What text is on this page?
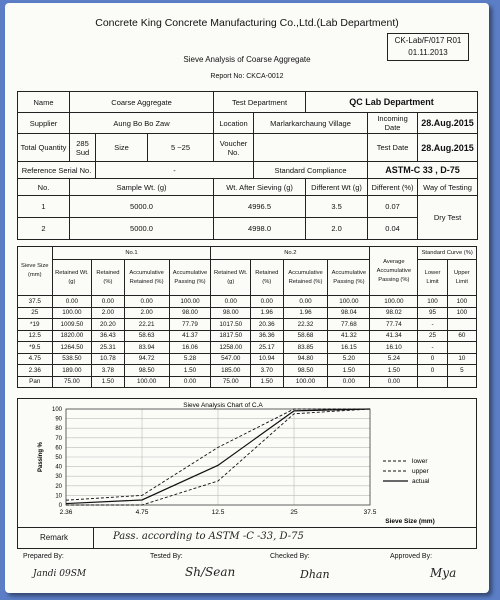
Concrete King Concrete Manufacturing Co.,Ltd.(Lab Department)
CK-Lab/F/017 R01
01.11.2013
Sieve Analysis of Coarse Aggregate
Report No: CKCA-0012
Name	Coarse Aggregate			Test Department		QC Lab Department		
Supplier	Aung Bo Bo Zaw			Location	Marlarkarchaung Village		Incoming Date	28.Aug.2015
Total Quantity	285 Sud	Size	5 ~25	Voucher No.			Test Date	28.Aug.2015
Reference Serial No.		-			Standard Compliance		ASTM-C 33 , D-75	
No.	Sample Wt. (g)			Wt. After Sieving (g)		Different Wt (g)	Different (%)	Way of Testing
1	5000.0			4996.5		3.5	0.07	Dry Test
2	5000.0			4998.0		2.0	0.04	
Sieve Size (mm)	No.1				No.2				Average Accumulative Passing (%)	Standard Curve (%)	
	Retained Wt. (g)	Retained (%)	Accumulative Retained (%)	Accumulative Passing (%)	Retained Wt. (g)	Retained (%)	Accumulative Retained (%)	Accumulative Passing (%)		Lower Limit	Upper Limit
37.5	0.00	0.00	0.00	100.00	0.00	0.00	0.00	100.00	100.00	100	100
25	100.00	2.00	2.00	98.00	98.00	1.96	1.96	98.04	98.02	95	100
*19	1009.50	20.20	22.21	77.79	1017.50	20.36	22.32	77.68	77.74	-	
12.5	1820.00	36.43	58.63	41.37	1817.50	36.36	58.68	41.32	41.34	25	60
*9.5	1264.50	25.31	83.94	16.06	1258.00	25.17	83.85	16.15	16.10	-	
4.75	538.50	10.78	94.72	5.28	547.00	10.94	94.80	5.20	5.24	0	10
2.36	189.00	3.78	98.50	1.50	185.00	3.70	98.50	1.50	1.50	0	5
Pan	75.00	1.50	100.00	0.00	75.00	1.50	100.00	0.00	0.00		
Sieve Analysis Chart of C.A
0
10
20
30
40
50
60
70
80
90
100
2.36	4.75	12.5	25	37.5
Passing %
Sieve Size (mm)
lower
upper
actual
Remark	Pass. according to ASTM -C -33, D-75
Prepared By:
Jandi 09SM
Tested By:
Sh/Sean
Checked By:
Dhan
Approved By:
Mya
